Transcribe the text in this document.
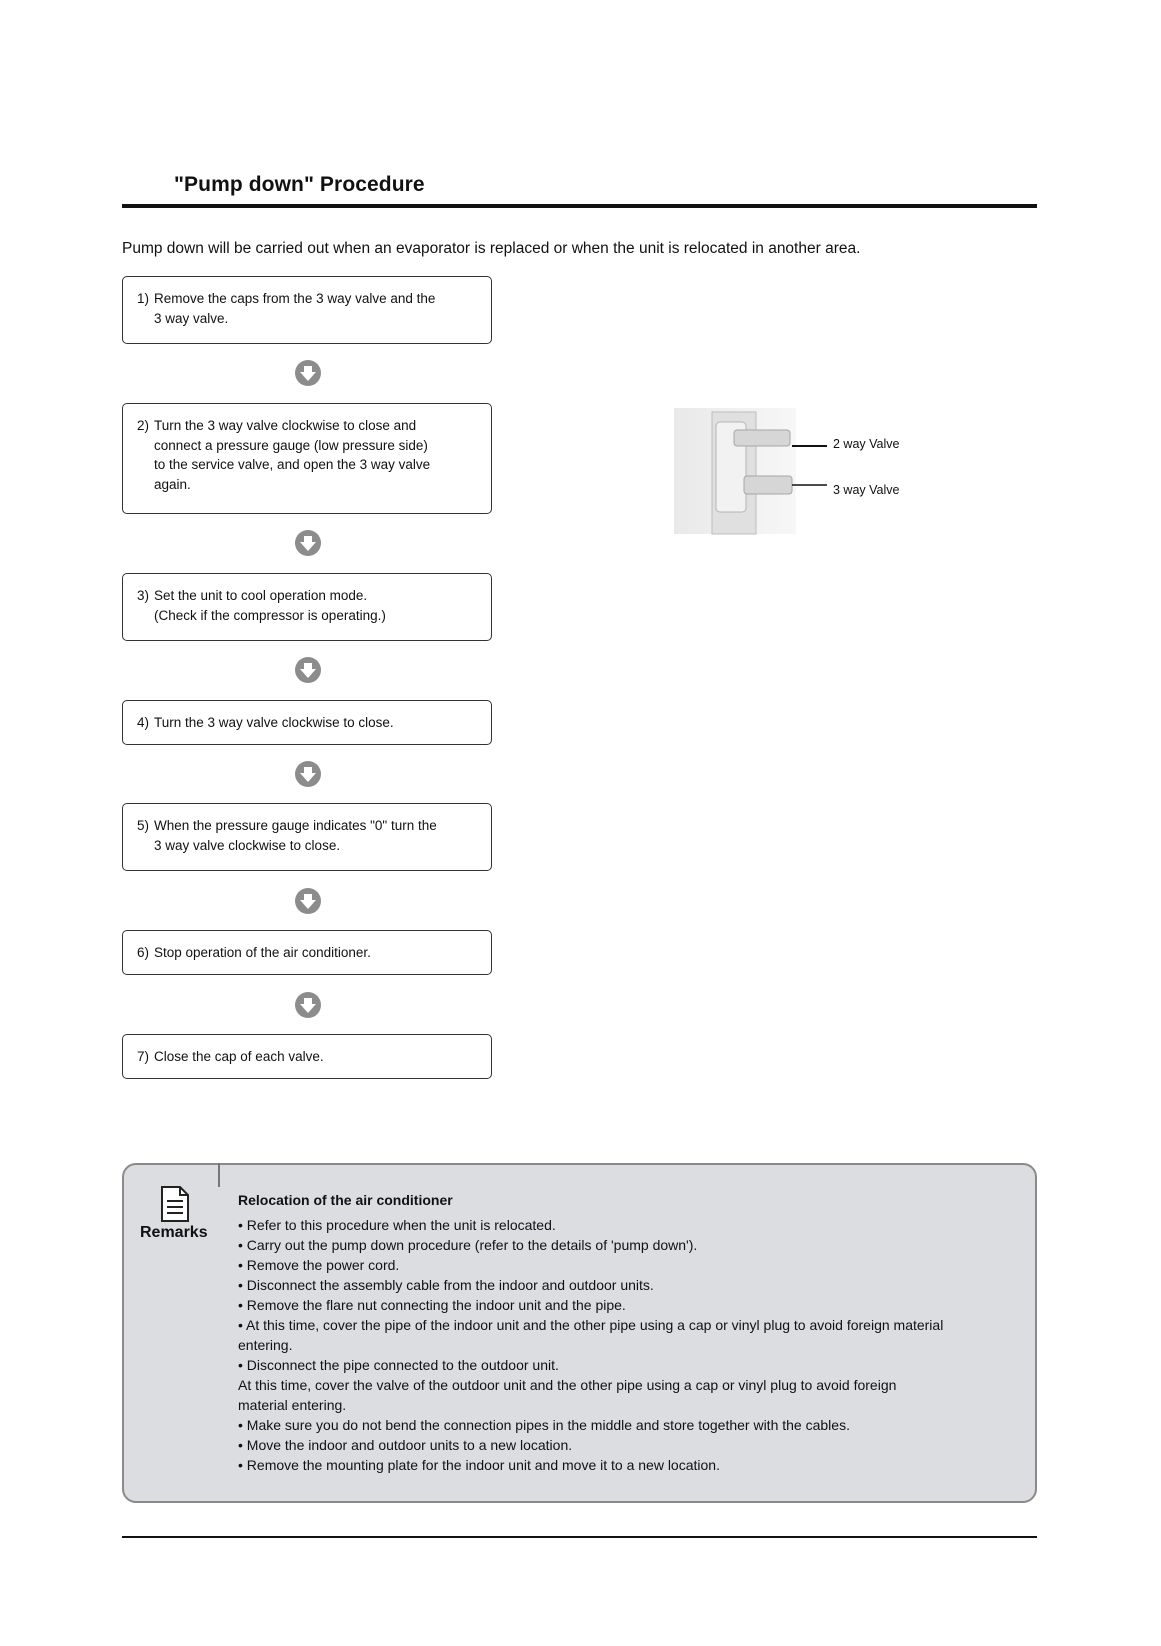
"Pump down" Procedure
Pump down will be carried out when an evaporator is replaced or when the unit is relocated in another area.
1) Remove the caps from the 3 way valve and the
3 way valve.
2) Turn the 3 way valve clockwise to close and
connect a pressure gauge (low pressure side)
to the service valve, and open the 3 way valve
again.
3) Set the unit to cool operation mode.
(Check if the compressor is operating.)
4) Turn the 3 way valve clockwise to close.
5) When the pressure gauge indicates "0" turn the
3 way valve clockwise to close.
6) Stop operation of the air conditioner.
7) Close the cap of each valve.
2 way Valve
3 way Valve
Remarks
Relocation of the air conditioner
• Refer to this procedure when the unit is relocated.
• Carry out the pump down procedure (refer to the details of 'pump down').
• Remove the power cord.
• Disconnect the assembly cable from the indoor and outdoor units.
• Remove the flare nut connecting the indoor unit and the pipe.
• At this time, cover the pipe of the indoor unit and the other pipe using a cap or vinyl plug to avoid foreign material
entering.
• Disconnect the pipe connected to the outdoor unit.
At this time, cover the valve of the outdoor unit and the other pipe using a cap or vinyl plug to avoid foreign
material entering.
• Make sure you do not bend the connection pipes in the middle and store together with the cables.
• Move the indoor and outdoor units to a new location.
• Remove the mounting plate for the indoor unit and move it to a new location.
